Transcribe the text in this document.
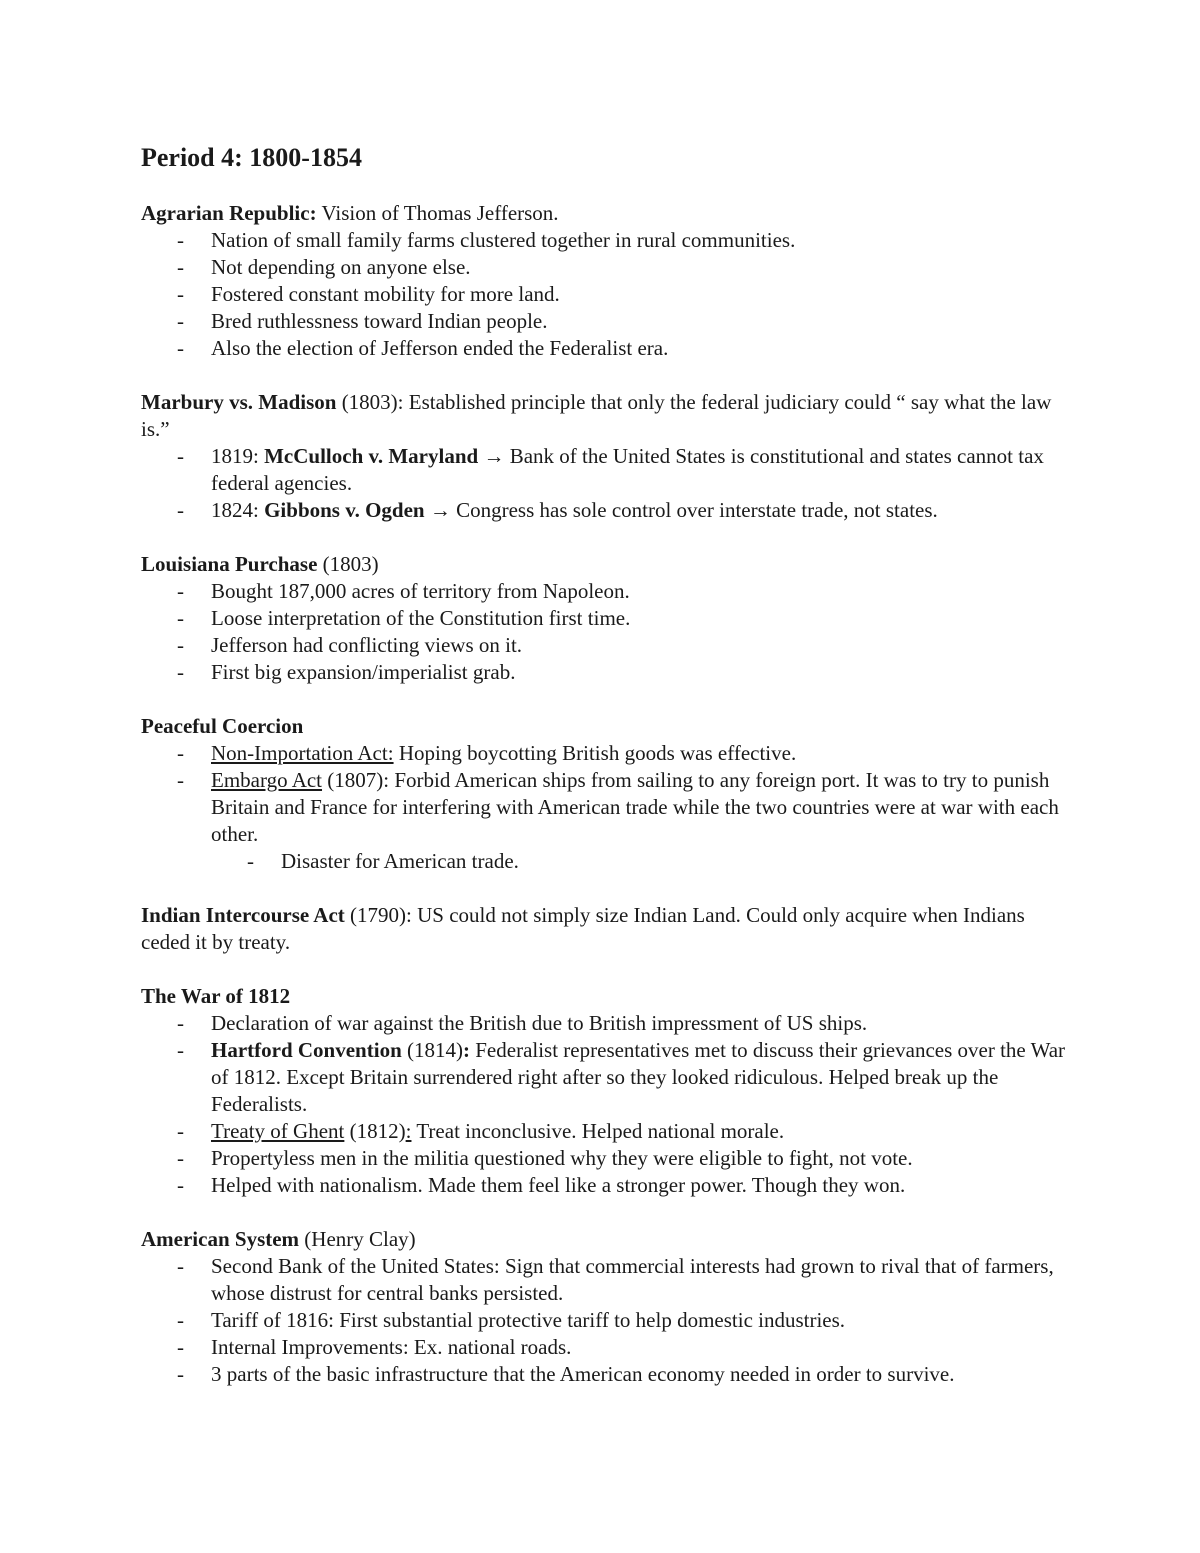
Period 4: 1800-1854

Agrarian Republic: Vision of Thomas Jefferson.

- Nation of small family farms clustered together in rural communities.
- Not depending on anyone else.
- Fostered constant mobility for more land.
- Bred ruthlessness toward Indian people.
- Also the election of Jefferson ended the Federalist era.

Marbury vs. Madison (1803): Established principle that only the federal judiciary could “ say what the law is.”

- 1819: McCulloch v. Maryland → Bank of the United States is constitutional and states cannot tax federal agencies.
- 1824: Gibbons v. Ogden → Congress has sole control over interstate trade, not states.

Louisiana Purchase (1803)

- Bought 187,000 acres of territory from Napoleon.
- Loose interpretation of the Constitution first time.
- Jefferson had conflicting views on it.
- First big expansion/imperialist grab.

Peaceful Coercion

- Non-Importation Act: Hoping boycotting British goods was effective.
- Embargo Act (1807): Forbid American ships from sailing to any foreign port. It was to try to punish Britain and France for interfering with American trade while the two countries were at war with each other.
- Disaster for American trade.

Indian Intercourse Act (1790): US could not simply size Indian Land. Could only acquire when Indians ceded it by treaty.

The War of 1812

- Declaration of war against the British due to British impressment of US ships.
- Hartford Convention (1814): Federalist representatives met to discuss their grievances over the War of 1812. Except Britain surrendered right after so they looked ridiculous. Helped break up the Federalists.
- Treaty of Ghent (1812): Treat inconclusive. Helped national morale.
- Propertyless men in the militia questioned why they were eligible to fight, not vote.
- Helped with nationalism. Made them feel like a stronger power. Though they won.

American System (Henry Clay)

- Second Bank of the United States: Sign that commercial interests had grown to rival that of farmers, whose distrust for central banks persisted.
- Tariff of 1816: First substantial protective tariff to help domestic industries.
- Internal Improvements: Ex. national roads.
- 3 parts of the basic infrastructure that the American economy needed in order to survive.
